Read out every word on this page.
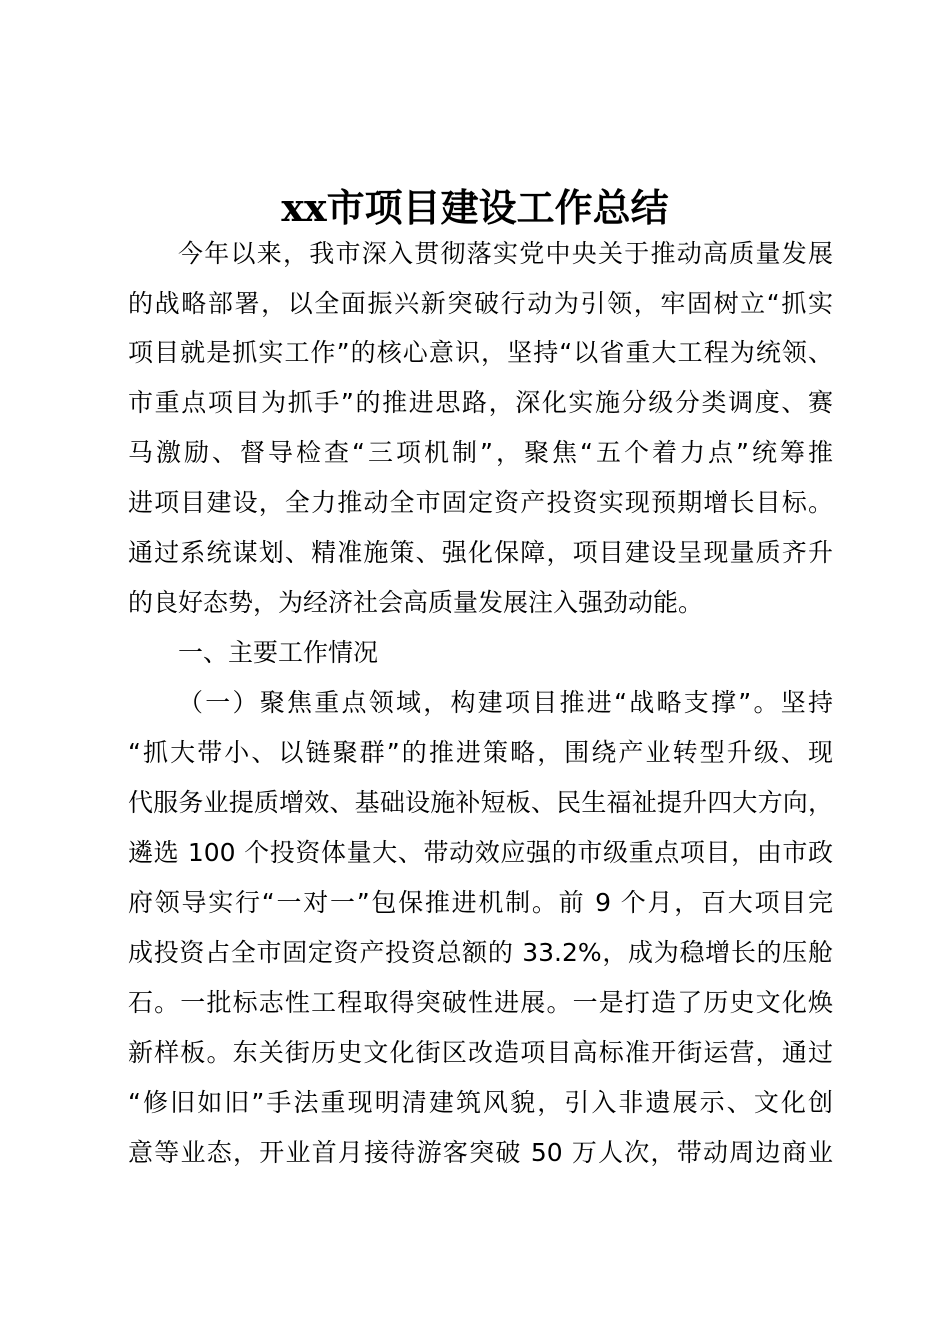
xx市项目建设工作总结
今年以来，我市深入贯彻落实党中央关于推动高质量发展
的战略部署，以全面振兴新突破行动为引领，牢固树立“抓实
项目就是抓实工作”的核心意识，坚持“以省重大工程为统领、
市重点项目为抓手”的推进思路，深化实施分级分类调度、赛
马激励、督导检查“三项机制”，聚焦“五个着力点”统筹推
进项目建设，全力推动全市固定资产投资实现预期增长目标。
通过系统谋划、精准施策、强化保障，项目建设呈现量质齐升
的良好态势，为经济社会高质量发展注入强劲动能。
一、主要工作情况
（一）聚焦重点领域，构建项目推进“战略支撑”。坚持
“抓大带小、以链聚群”的推进策略，围绕产业转型升级、现
代服务业提质增效、基础设施补短板、民生福祉提升四大方向，
遴选 100 个投资体量大、带动效应强的市级重点项目，由市政
府领导实行“一对一”包保推进机制。前 9 个月，百大项目完
成投资占全市固定资产投资总额的 33.2%，成为稳增长的压舱
石。一批标志性工程取得突破性进展。一是打造了历史文化焕
新样板。东关街历史文化街区改造项目高标准开街运营，通过
“修旧如旧”手法重现明清建筑风貌，引入非遗展示、文化创
意等业态，开业首月接待游客突破 50 万人次，带动周边商业
